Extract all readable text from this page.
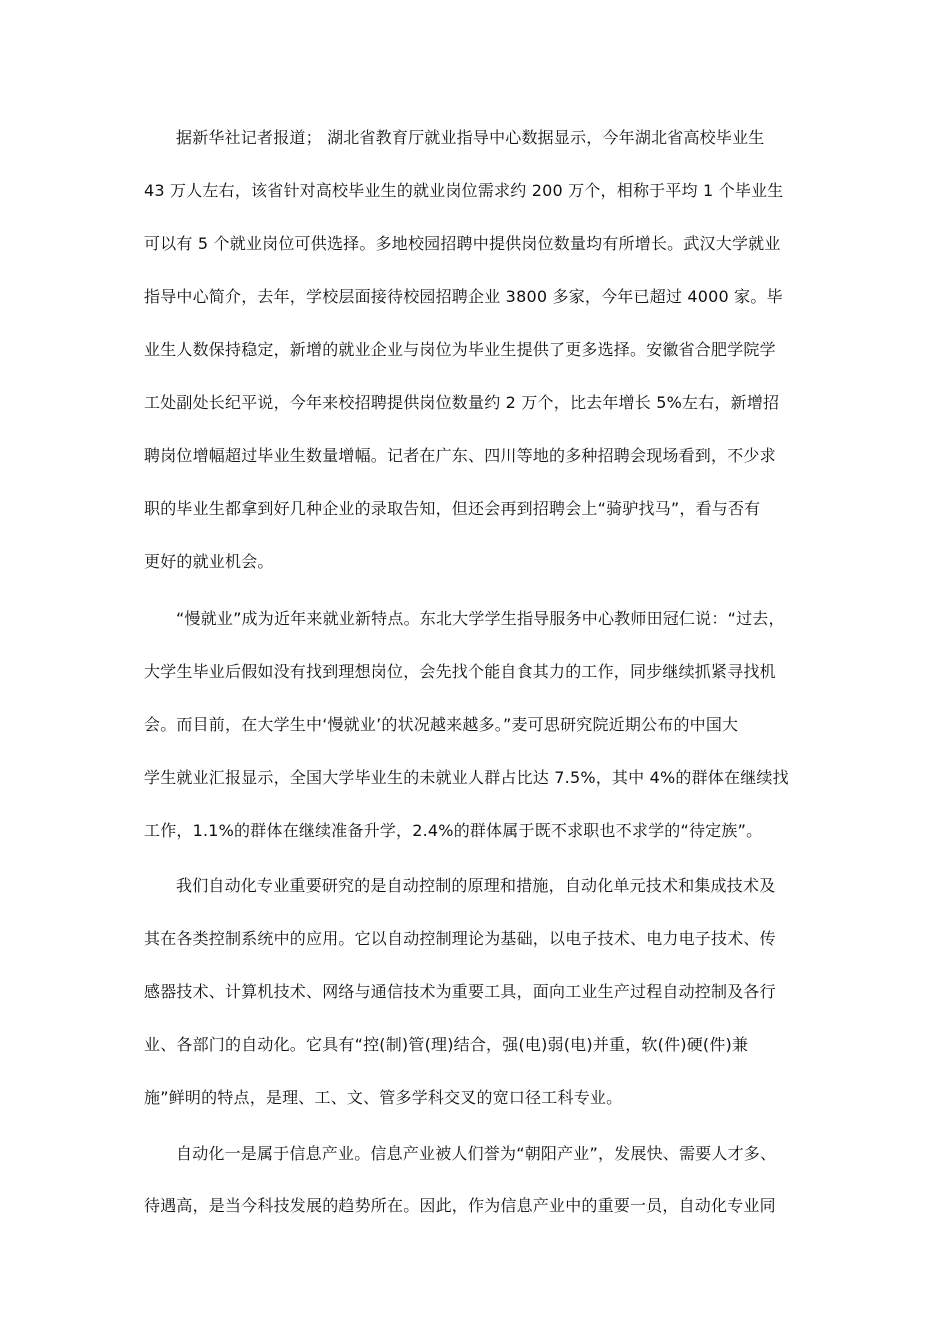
据新华社记者报道； 湖北省教育厅就业指导中心数据显示，今年湖北省高校毕业生
43 万人左右，该省针对高校毕业生的就业岗位需求约 200 万个，相称于平均 1 个毕业生
可以有 5 个就业岗位可供选择。多地校园招聘中提供岗位数量均有所增长。武汉大学就业
指导中心简介，去年，学校层面接待校园招聘企业 3800 多家，今年已超过 4000 家。毕
业生人数保持稳定，新增的就业企业与岗位为毕业生提供了更多选择。安徽省合肥学院学
工处副处长纪平说，今年来校招聘提供岗位数量约 2 万个，比去年增长 5%左右，新增招
聘岗位增幅超过毕业生数量增幅。记者在广东、四川等地的多种招聘会现场看到，不少求
职的毕业生都拿到好几种企业的录取告知，但还会再到招聘会上“骑驴找马”，看与否有
更好的就业机会。
“慢就业”成为近年来就业新特点。东北大学学生指导服务中心教师田冠仁说：“过去，
大学生毕业后假如没有找到理想岗位，会先找个能自食其力的工作，同步继续抓紧寻找机
会。而目前，在大学生中‘慢就业’的状况越来越多。”麦可思研究院近期公布的中国大
学生就业汇报显示，全国大学毕业生的未就业人群占比达 7.5%，其中 4%的群体在继续找
工作，1.1%的群体在继续准备升学，2.4%的群体属于既不求职也不求学的“待定族”。
我们自动化专业重要研究的是自动控制的原理和措施，自动化单元技术和集成技术及
其在各类控制系统中的应用。它以自动控制理论为基础，以电子技术、电力电子技术、传
感器技术、计算机技术、网络与通信技术为重要工具，面向工业生产过程自动控制及各行
业、各部门的自动化。它具有“控(制)管(理)结合，强(电)弱(电)并重，软(件)硬(件)兼
施”鲜明的特点，是理、工、文、管多学科交叉的宽口径工科专业。
自动化一是属于信息产业。信息产业被人们誉为“朝阳产业”，发展快、需要人才多、
待遇高，是当今科技发展的趋势所在。因此，作为信息产业中的重要一员，自动化专业同
